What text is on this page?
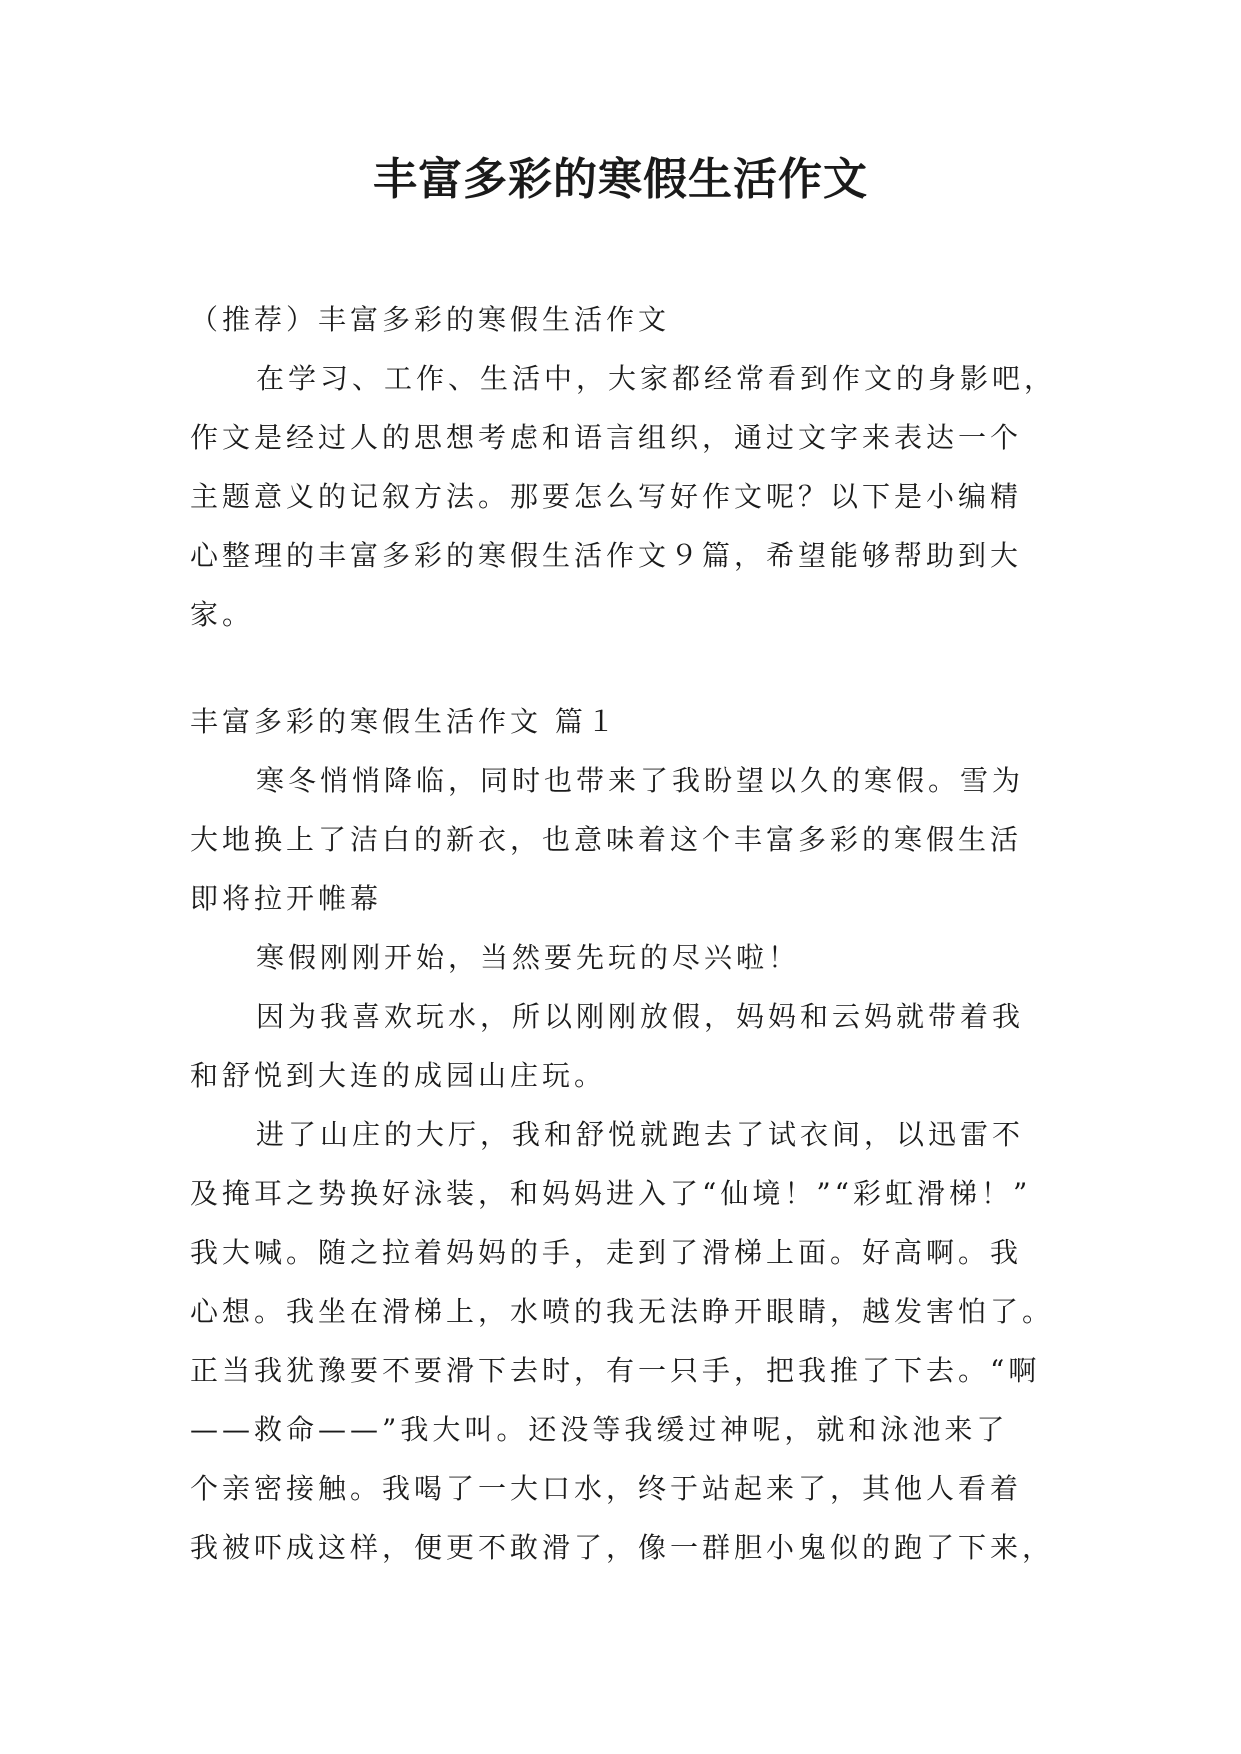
丰富多彩的寒假生活作文

（推荐）丰富多彩的寒假生活作文

在学习、工作、生活中，大家都经常看到作文的身影吧，

作文是经过人的思想考虑和语言组织，通过文字来表达一个

主题意义的记叙方法。那要怎么写好作文呢？以下是小编精

心整理的丰富多彩的寒假生活作文９篇，希望能够帮助到大

家。

丰富多彩的寒假生活作文 篇１

寒冬悄悄降临，同时也带来了我盼望以久的寒假。雪为

大地换上了洁白的新衣，也意味着这个丰富多彩的寒假生活

即将拉开帷幕

寒假刚刚开始，当然要先玩的尽兴啦！

因为我喜欢玩水，所以刚刚放假，妈妈和云妈就带着我

和舒悦到大连的成园山庄玩。

进了山庄的大厅，我和舒悦就跑去了试衣间，以迅雷不

及掩耳之势换好泳装，和妈妈进入了“仙境！”“彩虹滑梯！”

我大喊。随之拉着妈妈的手，走到了滑梯上面。好高啊。我

心想。我坐在滑梯上，水喷的我无法睁开眼睛，越发害怕了。

正当我犹豫要不要滑下去时，有一只手，把我推了下去。“啊

——救命——”我大叫。还没等我缓过神呢，就和泳池来了

个亲密接触。我喝了一大口水，终于站起来了，其他人看着

我被吓成这样，便更不敢滑了，像一群胆小鬼似的跑了下来，
